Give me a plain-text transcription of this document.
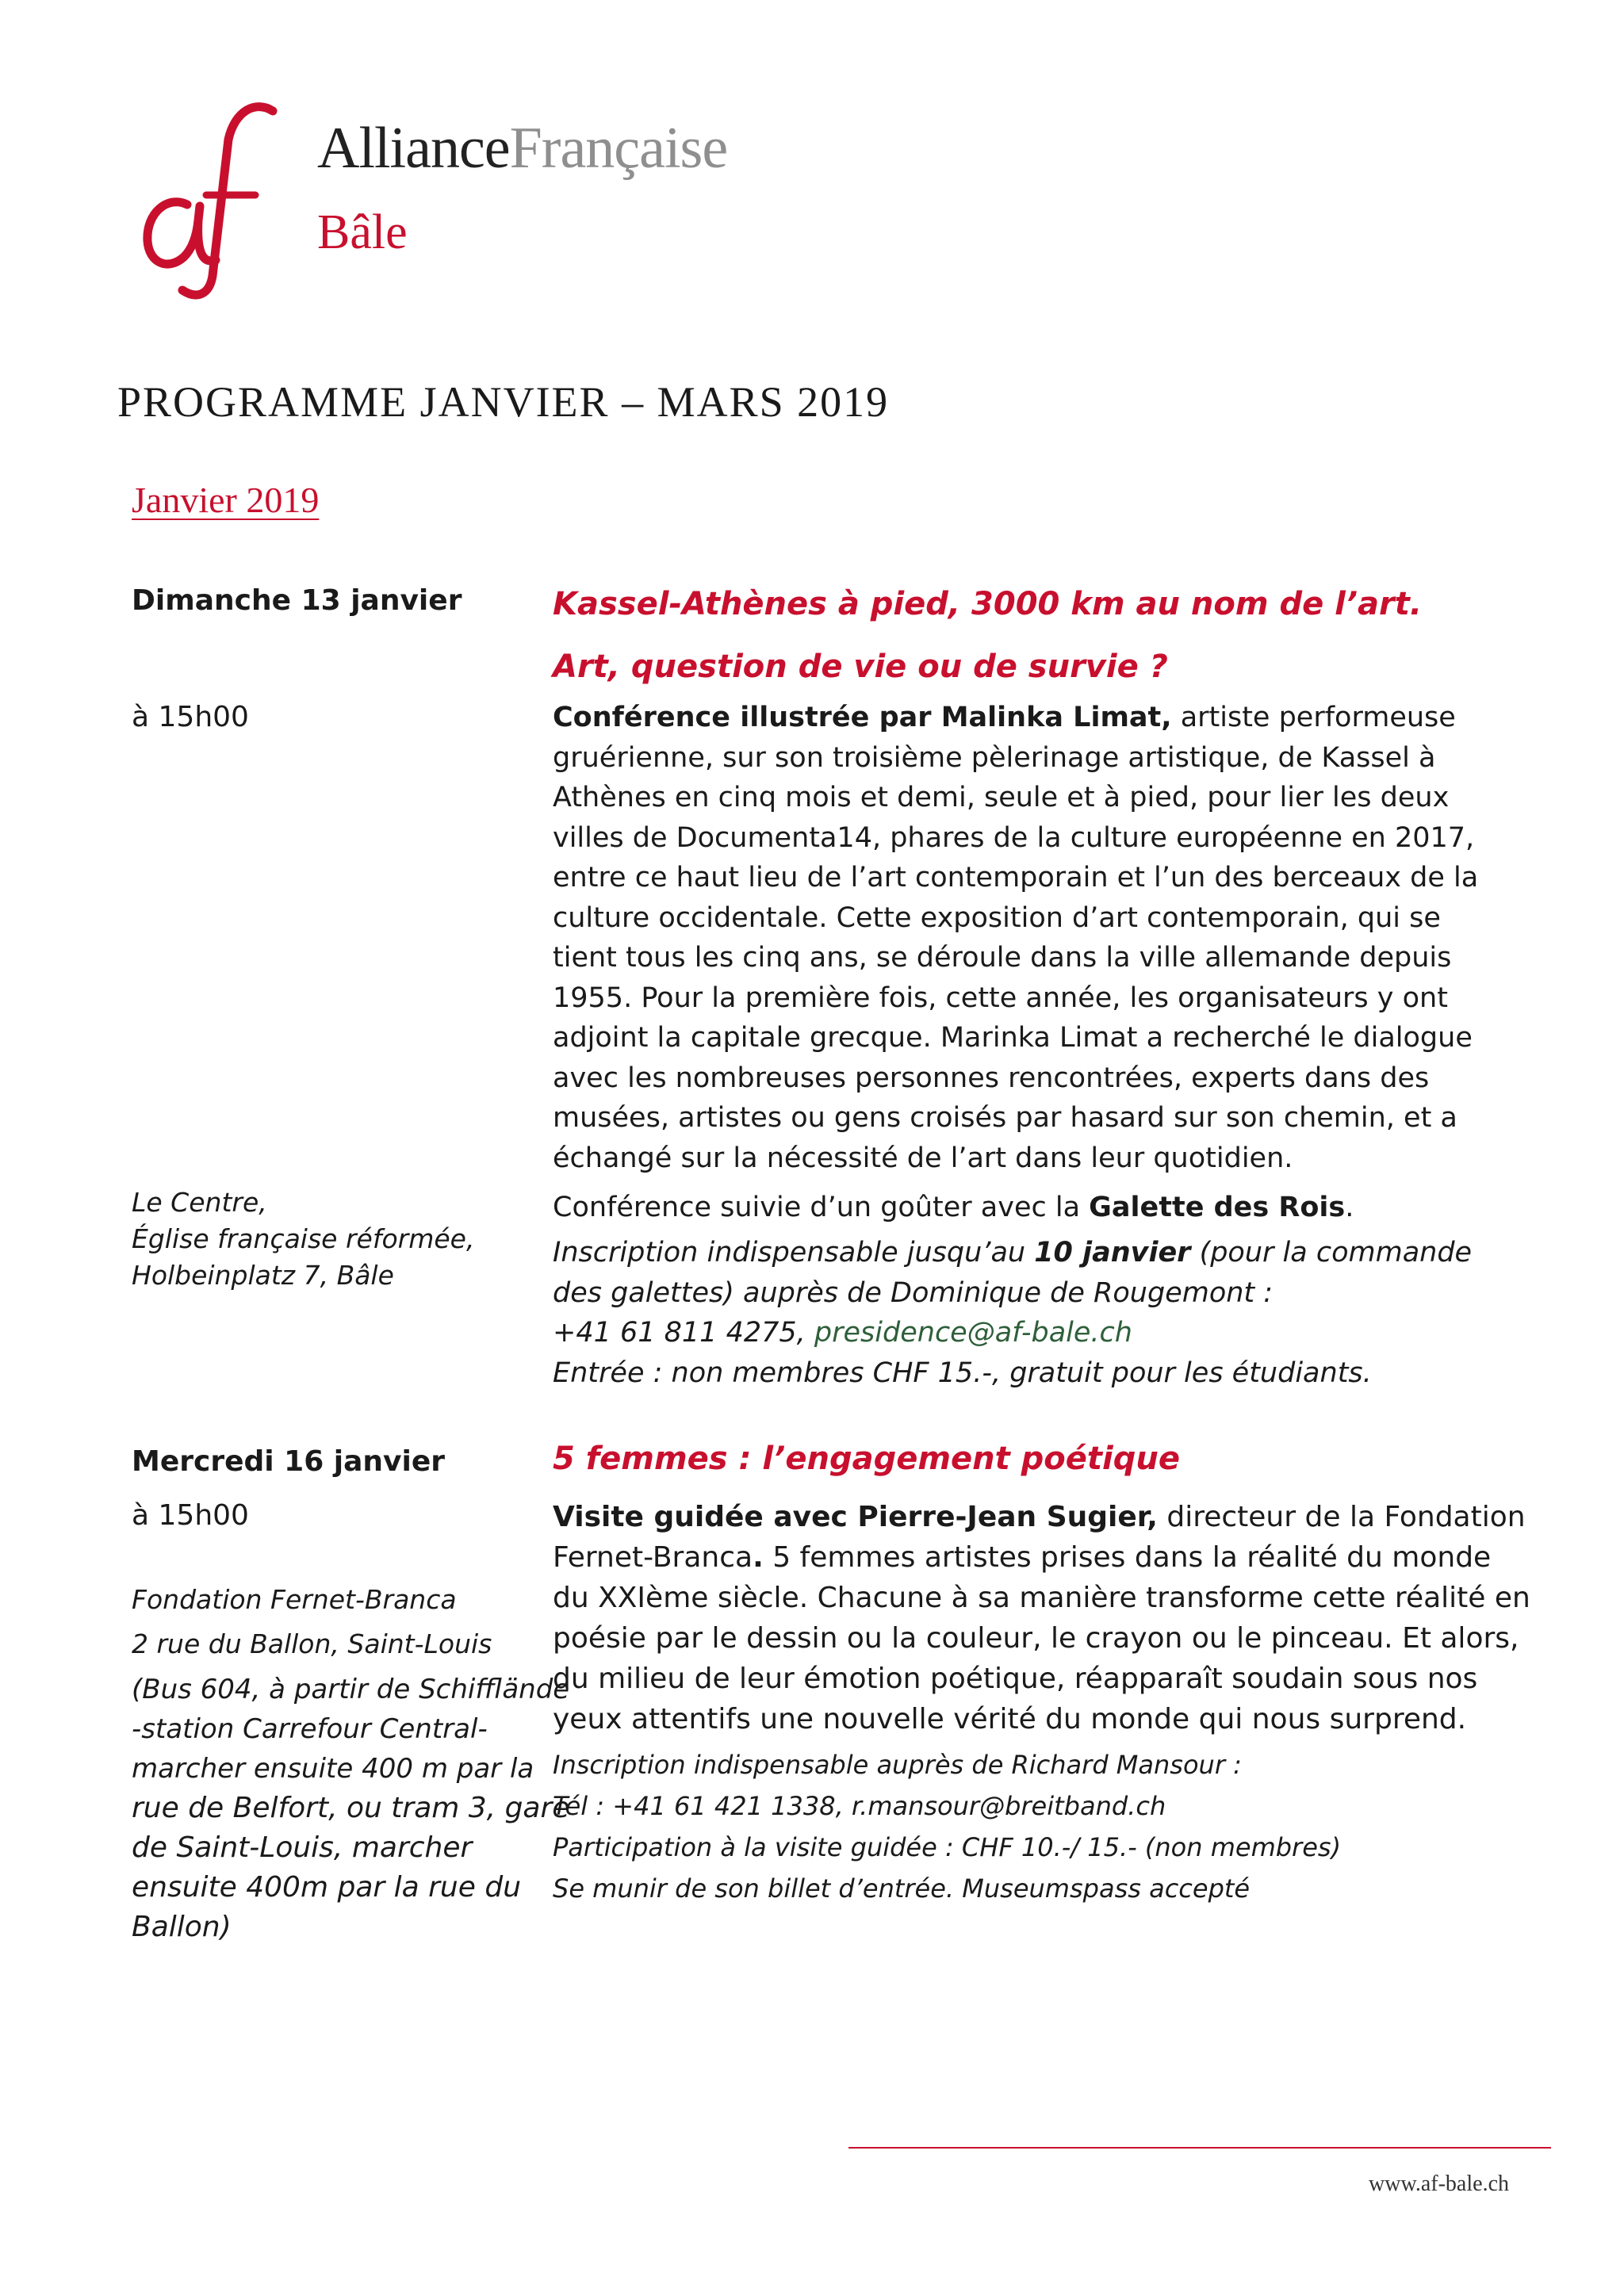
AllianceFrançaise
Bâle
PROGRAMME JANVIER – MARS 2019
Janvier 2019
Dimanche 13 janvier
à 15h00
Kassel-Athènes à pied, 3000 km au nom de l’art.
Art, question de vie ou de survie ?
Conférence illustrée par Malinka Limat, artiste performeuse
gruérienne, sur son troisième pèlerinage artistique, de Kassel à
Athènes en cinq mois et demi, seule et à pied, pour lier les deux
villes de Documenta14, phares de la culture européenne en 2017,
entre ce haut lieu de l’art contemporain et l’un des berceaux de la
culture occidentale. Cette exposition d’art contemporain, qui se
tient tous les cinq ans, se déroule dans la ville allemande depuis
1955. Pour la première fois, cette année, les organisateurs y ont
adjoint la capitale grecque. Marinka Limat a recherché le dialogue
avec les nombreuses personnes rencontrées, experts dans des
musées, artistes ou gens croisés par hasard sur son chemin, et a
échangé sur la nécessité de l’art dans leur quotidien.
Le Centre,
Église française réformée,
Holbeinplatz 7, Bâle
Conférence suivie d’un goûter avec la Galette des Rois.
Inscription indispensable jusqu’au 10 janvier (pour la commande
des galettes) auprès de Dominique de Rougemont :
+41 61 811 4275, presidence@af-bale.ch
Entrée : non membres CHF 15.-, gratuit pour les étudiants.
Mercredi 16 janvier
à 15h00
5 femmes : l’engagement poétique
Visite guidée avec Pierre-Jean Sugier, directeur de la Fondation
Fernet-Branca. 5 femmes artistes prises dans la réalité du monde
du XXIème siècle. Chacune à sa manière transforme cette réalité en
poésie par le dessin ou la couleur, le crayon ou le pinceau. Et alors,
du milieu de leur émotion poétique, réapparaît soudain sous nos
yeux attentifs une nouvelle vérité du monde qui nous surprend.
Inscription indispensable auprès de Richard Mansour :
Tél : +41 61 421 1338, r.mansour@breitband.ch
Participation à la visite guidée : CHF 10.-/ 15.- (non membres)
Se munir de son billet d’entrée. Museumspass accepté
Fondation Fernet-Branca
2 rue du Ballon, Saint-Louis
(Bus 604, à partir de Schifflände
-station Carrefour Central-
marcher ensuite 400 m par la
rue de Belfort, ou tram 3, gare
de Saint-Louis, marcher
ensuite 400m par la rue du
Ballon)
www.af-bale.ch
